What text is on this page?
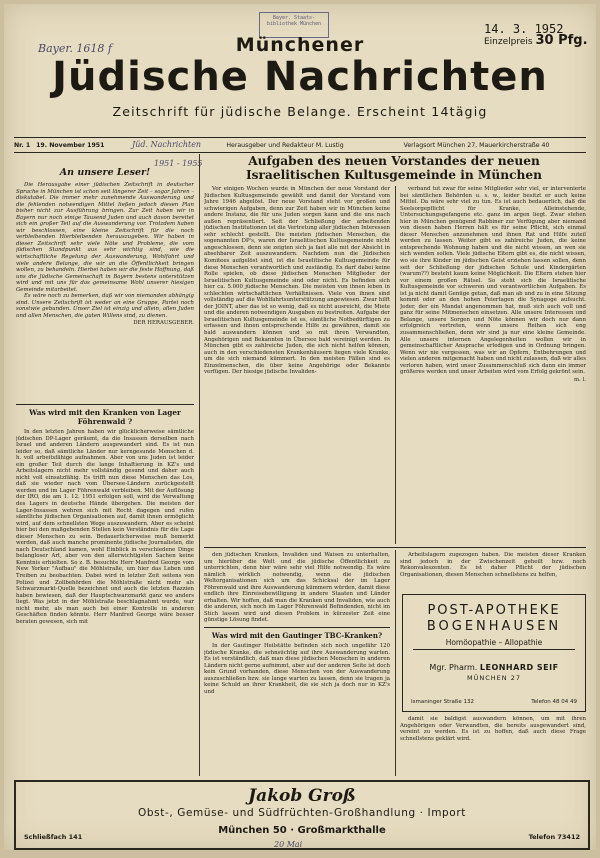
Bayer. Staats-bibliothek München
Bayer. 1618 f
14. 3. 1952
Einzelpreis 30 Pfg.
Münchener
Jüdische Nachrichten
Zeitschrift für jüdische Belange. Erscheint 14tägig
Nr. 1 19. November 1951	Herausgeber und Redakteur M. Lustig	Verlagsort München 27, Mauerkircherstraße 40
Jüd. Nachrichten
1951 - 1955
An unsere Leser!

Die Herausgabe einer jüdischen Zeitschrift in deutscher Sprache in München ist schon seit längerer Zeit – sogar Jahren – diskutabel. Die immer mehr zunehmende Auswanderung und die fehlenden notwendigen Mittel ließen jedoch diesen Plan bisher nicht zur Ausführung bringen. Zur Zeit haben wir in Bayern nur noch einige Tausend Juden und auch davon bereitet sich ein großer Teil auf die Auswanderung vor. Trotzdem haben wir beschlossen, eine kleine Zeitschrift für die noch verbleibenden Hierbleibenden herauszugeben. Wir haben in dieser Zeitschrift sehr viele Nöte und Probleme, die vom jüdischen Standpunkt aus sehr wichtig sind, wie die wirtschaftliche Regelung der Auswanderung, Wohlfahrt und viele andere Belange, die wir an die Öffentlichkeit bringen wollen, zu behandeln. Hierbei haben wir die feste Hoffnung, daß uns die Jüdische Gemeinschaft in Bayern bestens unterstützen wird und mit uns für das gemeinsame Wohl unserer hiesigen Gemeinde mitarbeitet.

Es wäre noch zu bemerken, daß wir von niemanden abhängig sind. Unsere Zeitschrift ist weder an eine Gruppe, Partei noch sonstwie gebunden. Unser Ziel ist einzig und allein, allen Juden und allen Menschen, die guten Willens sind, zu dienen.

DER HERAUSGEBER.
Was wird mit den Kranken von Lager Föhrenwald ?

In den letzten Jahren haben wir glücklicherweise sämtliche jüdischen DP-Lager geräumt, da die Insassen derselben nach Israel und anderen Ländern ausgewandert sind. Es ist nun leider so, daß sämtliche Länder nur kerngesunde Menschen d. h. voll arbeitsfähige aufnahmen. Aber von uns Juden ist leider ein großer Teil durch die lange Inhaftierung in KZ's und Arbeitslagern nicht mehr vollständig gesund und daher auch nicht voll einsatzfähig. Es trifft nun diese Menschen das Los, daß sie wieder nach vom Übersee-Ländern zurückgestellt werden und im Lager Föhrenwald verbleiben. Mit der Auflösung der IRO, die am 1. 12. 1951 erfolgen soll, wird die Verwaltung des Lagers in deutsche Hände übergehen. Die meisten der Lager-Insassen wehren sich mit Recht dagegen und rufen sämtliche jüdischen Organisationen auf, damit ihnen ermöglicht wird, auf dem schnellsten Wege auszuwandern. Aber es scheint hier bei den maßgebenden Stellen kein Verständnis für die Lage dieser Menschen zu sein. Bedauerlicherweise muß bemerkt werden, daß auch manche prominente jüdische Journalisten, die nach Deutschland kamen, wohl Einblick in verschiedene Dinge belangloser Art, aber von den allerwichtigsten Sachen keine Kenntnis erhielten. So z. B. besuchte Herr Manfred George vom New Yorker "Aufbau" die Möhlstraße, um hier das Leben und Treiben zu beobachten. Dabei wird in letzter Zeit seitens von Polizei und Zollbehörden die Möhlstraße nicht mehr als Schwarzmarkt-Quelle bezeichnet und auch die letzten Razzien haben bewiesen, daß der Hauptschwarzmarkt ganz wo anders liegt. Was jetzt in der Möhlstraße beschlagnahmt wurde, war nicht mehr, als man auch bei einer Kontrolle in anderen Geschäften finden könnte. Herr Manfred George wäre besser beraten gewesen, sich mit

Aufgaben des neuen Vorstandes der neuen Israelitischen Kultusgemeinde in München

Vor einigen Wochen wurde in München der neue Vorstand der Jüdischen Kultusgemeinde gewählt und damit der Vorstand vom Jahre 1946 abgelöst. Der neue Vorstand steht vor großen und schwierigen Aufgaben, denn zur Zeit haben wir in München keine andere Instanz, die für uns Juden sorgen kann und die uns nach außen repräsentiert. Seit der Schließung der arbeitenden jüdischen Institutionen ist die Vertretung aller jüdischen Interessen sehr schlecht gestellt. Die meisten jüdischen Menschen, die sogenannten DP's, waren der Israelitischen Kultusgemeinde nicht angeschlossen, denn sie zeigten sich ja fast alle mit der Absicht in absehbarer Zeit auszuwandern. Nachdem nun die Jüdischen Komitees aufgelöst sind, ist die Israelitische Kultusgemeinde für diese Menschen verantwortlich und zuständig. Es darf dabei keine Rolle spielen, ob diese jüdischen Menschen Mitglieder der Israelitischen Kultusgemeinde sind oder nicht. Es befinden sich hier ca. 5.000 jüdische Menschen. Die meisten von ihnen leben in schlechten wirtschaftlichen Verhältnissen. Viele von ihnen sind vollständig auf die Wohlfahrtsunterstützung angewiesen. Zwar hilft der JOINT, aber das ist so wenig, daß es nicht ausreicht, die Miete und die anderen notwendigen Ausgaben zu bestreiten. Aufgabe der Israelitischen Kultusgemeinde ist es, sämtliche Notbedürftigen zu erfassen und ihnen entsprechende Hilfe zu gewähren, damit sie bald auswandern können und so mit ihren Verwandten, Angehörigen und Bekannten in Übersee bald vereinigt werden. In München gibt es zahlreiche Juden, die sich nicht helfen können, auch in den verschiedensten Krankenhäusern liegen viele Kranke, um die sich niemand kümmert. In den meisten Fällen sind es Einzelmenschen, die über keine Angehörige oder Bekannte verfügen. Der hiesige jüdische Invaliden-

verband tut zwar für seine Mitglieder sehr viel, er intervenierte bei sämtlichen Behörden u. s. w., leider besitzt er auch keine Mittel. Da wäre sehr viel zu tun. Es ist auch bedauerlich, daß die Seelsorgepflicht für Kranke, Alleinstehende, Untersuchungsgefangene etc. ganz im argen liegt. Zwar stehen hier in München genügend Rabbiner zur Verfügung aber niemand von diesen haben Herren hält es für seine Pflicht, sich einmal dieser Menschen anzunehmen und ihnen Rat und Hilfe zuteil werden zu lassen. Weiter gibt es zahlreiche Juden, die keine entsprechende Wohnung haben und die nicht wissen, an wen sie sich wenden sollen. Viele jüdische Eltern gibt es, die nicht wissen, wo sie ihre Kinder im jüdischen Geist erziehen lassen sollen, denn seit der Schließung der jüdischen Schule und Kindergärten (warum??) besteht kaum keine Möglichkeit. Die Eltern stehen hier vor einem großen Rätsel. So steht sich die Israelitische Kultusgemeinde vor schweren und verantwortlichen Aufgaben. Es ist ja nicht damit Genüge getan, daß man ab und zu in eine Sitzung kommt oder an den hohen Feiertagen die Synagoge aufsucht. Jeder, der ein Mandat angenommen hat, muß sich auch voll und ganz für seine Mitmenschen einsetzen. Alle unsere Interessen und Belange, unsere Sorgen und Nöte können wir doch nur dann erfolgreich vertreten, wenn unsere Reihen sich eng zusammenschließen, denn wir sind ja nur eine kleine Gemeinde. Alle unsere internen Angelegenheiten wollen wir in gemeinschaftlicher Ansprache erledigen und in Ordnung bringen. Wenn wir nie vergessen, was wir an Opfern, Entbehrungen und vielen anderen mitgemacht haben und nicht zulassen, daß wir alles verloren haben, wird unser Zusammenschluß sich dann ein immer größeres werden und unser Arbeiten wird vom Erfolg gekrönt sein.

m. l.

den jüdischen Kranken, Invaliden und Waisen zu unterhalten, um hierüber die Welt und die jüdische Öffentlichkeit zu unterrichten, denn hier wäre sehr viel Hilfe notwendig. Es wäre nämlich wirklich notwendig, wenn die jüdischen Weltorganisationen sich um das Schicksal der im Lager Föhrenwald und ihre Auswanderung kümmern würden, damit diese endlich ihre Einreisebewilligung in andere Staaten und Länder erhalten. Wir hoffen, daß man die Kranken und Invaliden, wie auch die anderen, sich noch im Lager Föhrenwald Befindenden, nicht im Stich lassen wird und diesen Problem in kürzester Zeit eine günstige Lösung findet.

Was wird mit den Gautinger TBC-Kranken?

In der Gautinger Heilstätte befinden sich noch ungefähr 120 jüdische Kranke, die sehnsüchtig auf ihre Auswanderung warten. Es ist verständlich, daß man diese jüdischen Menschen in anderen Ländern nicht gerne aufnimmt, aber auf der anderen Seite ist doch kein Grund vorhanden, diese Menschen von der Auswanderung auszuschließen bzw. sie lange warten zu lassen, denn sie tragen ja keine Schuld an ihrer Krankheit, die sie sich ja doch nur in KZ's und

Arbeitslagern zugezogen haben. Die meisten dieser Kranken sind jedoch in der Zwischenzeit geheilt bzw. noch Rekonvaleszenten. Es ist daher Pflicht der jüdischen Organisationen, diesen Menschen schnellstens zu helfen,

POST-APOTHEKE
BOGENHAUSEN
Homöopathie – Allopathie
Mgr. Pharm. LEONHARD SEIF
MÜNCHEN 27
Ismaninger Straße 132	Telefon 48 04 49

damit sie baldigst auswandern können, um mit ihren Angehörigen oder Verwandten, die bereits ausgewandert sind, vereint zu werden. Es ist zu hoffen, daß auch diese Frage schnellstens geklärt wird.

Jakob Groß
Obst-, Gemüse- und Südfrüchten-Großhandlung · Import
München 50 · Großmarkthalle
Schließfach 141	Telefon 73412
20 Mai
